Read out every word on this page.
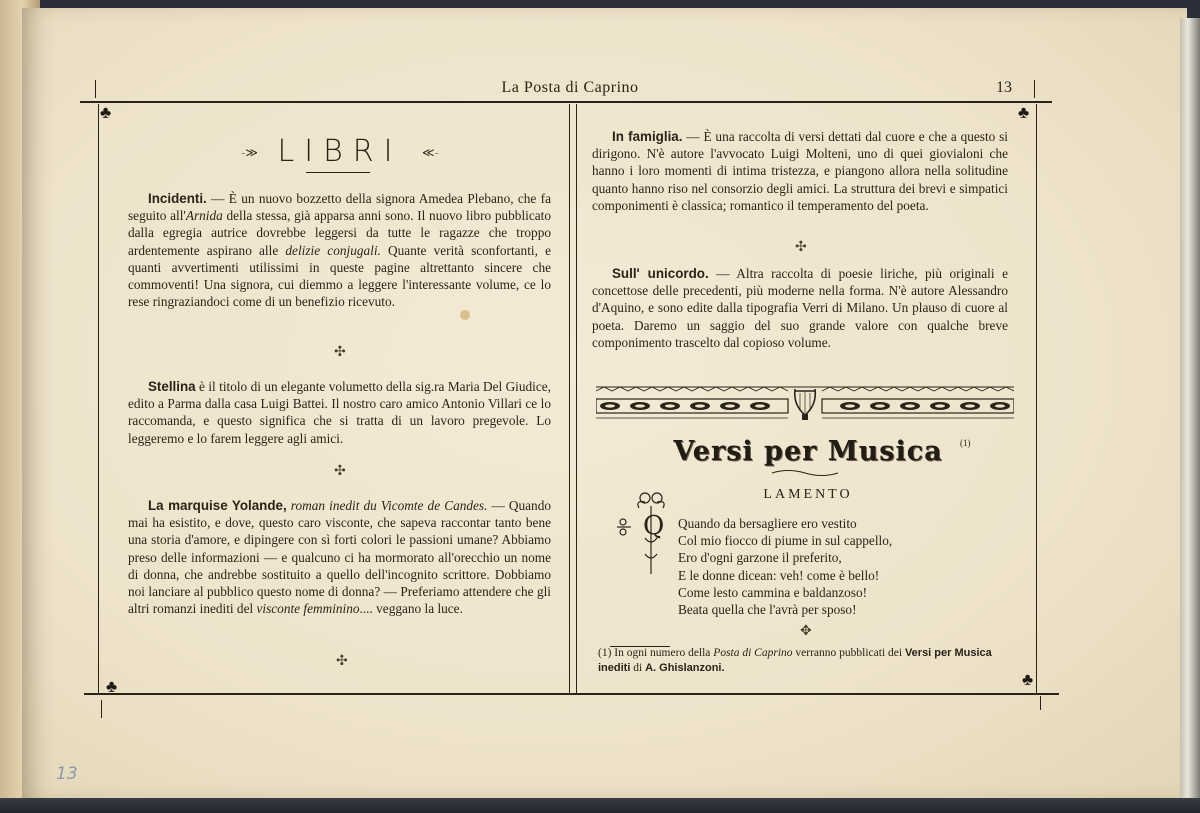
La Posta di Caprino	13
♣	♣
♣	♣
-≫ LIBRI ≪-

Incidenti. — È un nuovo bozzetto della signora Amedea Plebano, che fa seguito all'Arnida della stessa, già apparsa anni sono. Il nuovo libro pubblicato dalla egregia autrice dovrebbe leggersi da tutte le ragazze che troppo ardentemente aspirano alle delizie conjugali. Quante verità sconfortanti, e quanti avvertimenti utilissimi in queste pagine altrettanto sincere che commoventi! Una signora, cui diemmo a leggere l'interessante volume, ce lo rese ringraziandoci come di un benefizio ricevuto.

✣

Stellina è il titolo di un elegante volumetto della sig.ra Maria Del Giudice, edito a Parma dalla casa Luigi Battei. Il nostro caro amico Antonio Villari ce lo raccomanda, e questo significa che si tratta di un lavoro pregevole. Lo leggeremo e lo farem leggere agli amici.

✣

La marquise Yolande, roman inedit du Vicomte de Candes. — Quando mai ha esistito, e dove, questo caro visconte, che sapeva raccontar tanto bene una storia d'amore, e dipingere con sì forti colori le passioni umane? Abbiamo preso delle informazioni — e qualcuno ci ha mormorato all'orecchio un nome di donna, che andrebbe sostituito a quello dell'incognito scrittore. Dobbiamo noi lanciare al pubblico questo nome di donna? — Preferiamo attendere che gli altri romanzi inediti del visconte femminino.... veggano la luce.

✣

In famiglia. — È una raccolta di versi dettati dal cuore e che a questo si dirigono. N'è autore l'avvocato Luigi Molteni, uno di quei giovialoni che hanno i loro momenti di intima tristezza, e piangono allora nella solitudine quanto hanno riso nel consorzio degli amici. La struttura dei brevi e simpatici componimenti è classica; romantico il temperamento del poeta.

✣

Sull' unicordo. — Altra raccolta di poesie liriche, più originali e concettose delle precedenti, più moderne nella forma. N'è autore Alessandro d'Aquino, e sono edite dalla tipografia Verri di Milano. Un plauso di cuore al poeta. Daremo un saggio del suo grande valore con qualche breve componimento trascelto dal copioso volume.

Versi per Musica	(1)
LAMENTO
Q Quando da bersagliere ero vestito
Col mio fiocco di piume in sul cappello,
Ero d'ogni garzone il preferito,
E le donne dicean: veh! come è bello!
Come lesto cammina e baldanzoso!
Beata quella che l'avrà per sposo!
✥
(1) In ogni numero della Posta di Caprino verranno pubblicati dei Versi per Musica inediti di A. Ghislanzoni.
13
